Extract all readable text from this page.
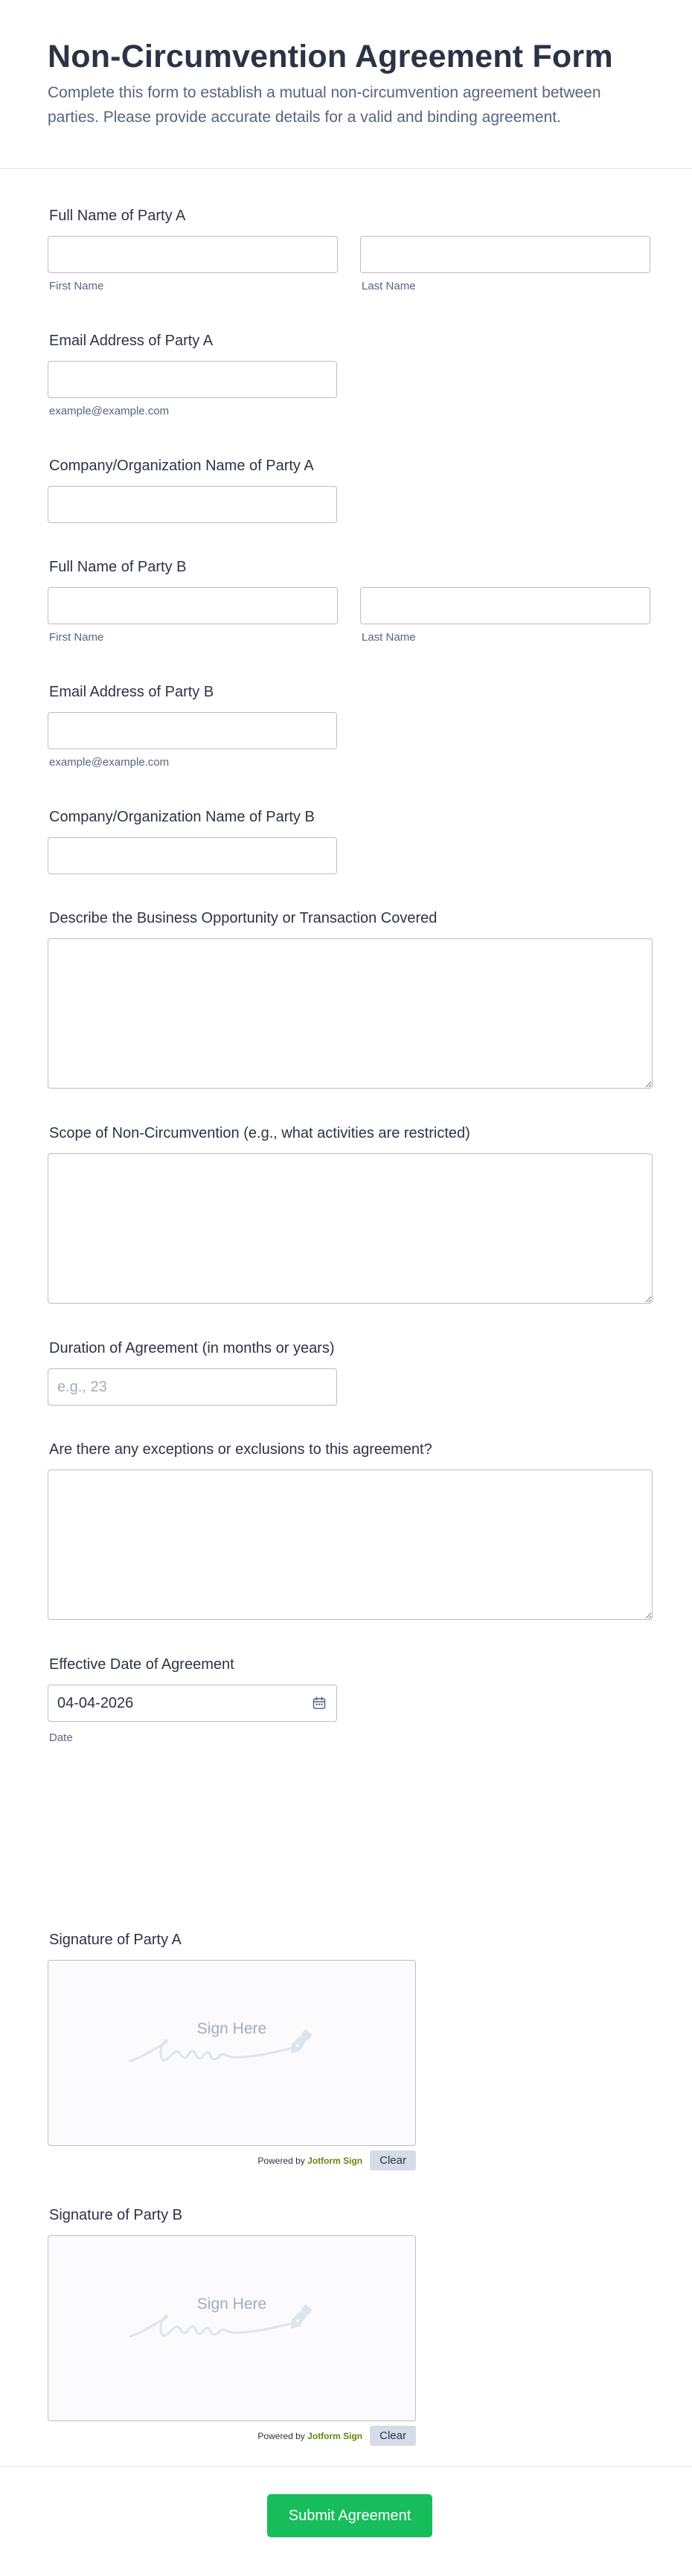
Non-Circumvention Agreement Form

Complete this form to establish a mutual non-circumvention agreement between parties. Please provide accurate details for a valid and binding agreement.

Full Name of Party A
First Name	Last Name
Email Address of Party A
example@example.com
Company/Organization Name of Party A
Full Name of Party B
First Name	Last Name
Email Address of Party B
example@example.com
Company/Organization Name of Party B
Describe the Business Opportunity or Transaction Covered
Scope of Non-Circumvention (e.g., what activities are restricted)
Duration of Agreement (in months or years)
e.g., 23
Are there any exceptions or exclusions to this agreement?
Effective Date of Agreement
04-04-2026
Date
Signature of Party A
Sign Here
Powered by Jotform Sign	Clear
Signature of Party B
Sign Here
Powered by Jotform Sign	Clear
Submit Agreement
